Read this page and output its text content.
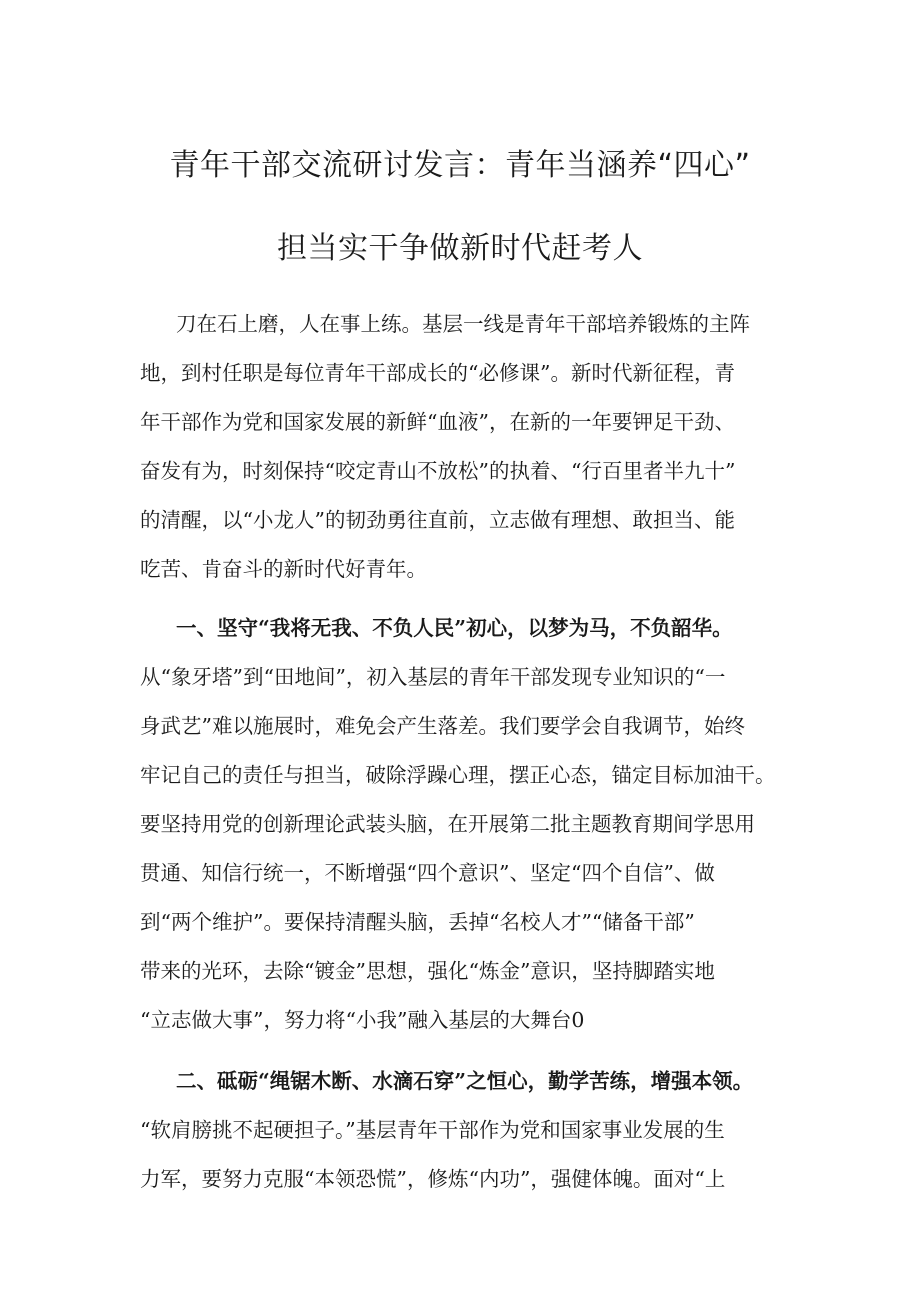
青年干部交流研讨发言：青年当涵养“四心”
担当实干争做新时代赶考人
刀在石上磨，人在事上练。基层一线是青年干部培养锻炼的主阵
地，到村任职是每位青年干部成长的“必修课”。新时代新征程，青
年干部作为党和国家发展的新鲜“血液”，在新的一年要钾足干劲、
奋发有为，时刻保持“咬定青山不放松”的执着、“行百里者半九十”
的清醒，以“小龙人”的韧劲勇往直前，立志做有理想、敢担当、能
吃苦、肯奋斗的新时代好青年。
一、坚守“我将无我、不负人民”初心，以梦为马，不负韶华。
从“象牙塔”到“田地间”，初入基层的青年干部发现专业知识的“一
身武艺”难以施展时，难免会产生落差。我们要学会自我调节，始终
牢记自己的责任与担当，破除浮躁心理，摆正心态，锚定目标加油干。
要坚持用党的创新理论武装头脑，在开展第二批主题教育期间学思用
贯通、知信行统一，不断增强“四个意识”、坚定“四个自信”、做
到“两个维护”。要保持清醒头脑，丢掉“名校人才”“储备干部”
带来的光环，去除“镀金”思想，强化“炼金”意识，坚持脚踏实地
“立志做大事”，努力将“小我”融入基层的大舞台0
二、砥砺“绳锯木断、水滴石穿”之恒心，勤学苦练，增强本领。
“软肩膀挑不起硬担子。”基层青年干部作为党和国家事业发展的生
力军，要努力克服“本领恐慌”，修炼“内功”，强健体魄。面对“上
